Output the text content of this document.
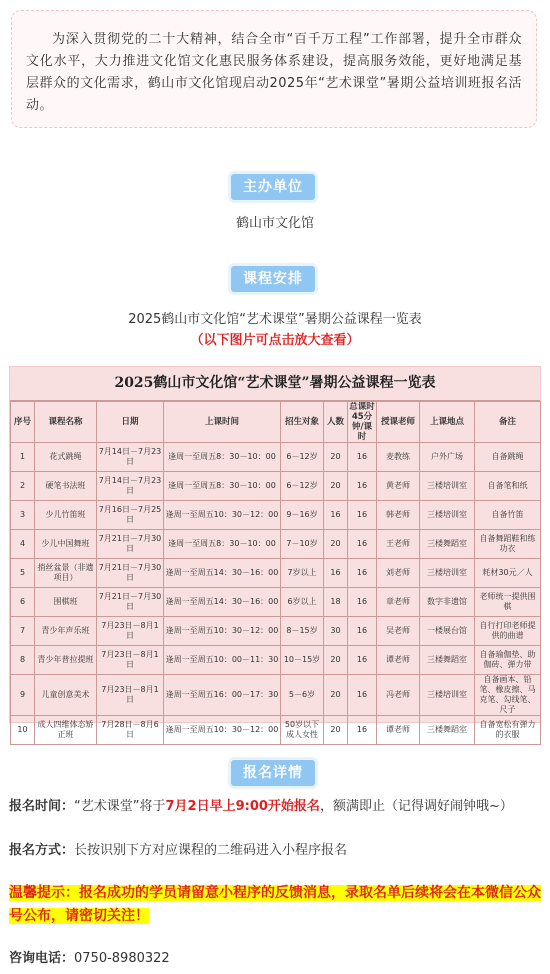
为深入贯彻党的二十大精神，结合全市“百千万工程”工作部署，提升全市群众文化水平，大力推进文化馆文化惠民服务体系建设，提高服务效能，更好地满足基层群众的文化需求，鹤山市文化馆现启动2025年“艺术课堂”暑期公益培训班报名活动。

主办单位
鹤山市文化馆
课程安排
2025鹤山市文化馆“艺术课堂”暑期公益课程一览表
（以下图片可点击放大查看）
2025鹤山市文化馆“艺术课堂”暑期公益课程一览表
序号	课程名称	日期	上课时间	招生对象	人数	总课时45分钟/课时	授课老师	上课地点	备注
1	花式跳绳	7月14日－7月23日	逢周一至周五8：30－10：00	6－12岁	20	16	麦教练	户外广场	自备跳绳
2	硬笔书法班	7月14日－7月23日	逢周一至周五8：30－10：00	6－12岁	20	16	黄老师	三楼培训室	自备笔和纸
3	少儿竹笛班	7月16日－7月25日	逢周一至周五10：30－12：00	9－16岁	16	16	韩老师	三楼培训室	自备竹笛
4	少儿中国舞班	7月21日－7月30日	逢周一至周五8：30－10：00	7－10岁	20	16	王老师	三楼舞蹈室	自备舞蹈鞋和练功衣
5	捎丝盆景（非遗项目）	7月21日－7月30日	逢周一至周五14：30－16：00	7岁以上	16	16	刘老师	三楼培训室	耗材30元／人
6	围棋班	7月21日－7月30日	逢周一至周五14：30－16：00	6岁以上	18	16	章老师	数字非遗馆	老师统一提供围棋
7	青少年声乐班	7月23日－8月1日	逢周一至周五10：30－12：00	8－15岁	30	16	吴老师	一楼展台馆	自行打印老师提供的曲谱
8	青少年普拉提班	7月23日－8月1日	逢周一至周五10：00－11：30	10－15岁	20	16	谭老师	三楼舞蹈室	自备瑜伽垫、助伽砖、弹力带
9	儿童创意美术	7月23日－8月1日	逢周一至周五16：00－17：30	5－6岁	20	16	冯老师	三楼培训室	自备画本、铅笔、橡皮擦、马克笔、勾线笔、尺子
10	成人四维体态矫正班	7月28日－8月6日	逢周一至周五10：30－12：00	50岁以下成人女性	20	16	谭老师	三楼舞蹈室	自备宽松有弹力的衣服
报名详情
报名时间：“艺术课堂”将于7月2日早上9:00开始报名，额满即止（记得调好闹钟哦~）
报名方式：长按识别下方对应课程的二维码进入小程序报名
温馨提示：报名成功的学员请留意小程序的反馈消息，录取名单后续将会在本微信公众号公布，请密切关注！
咨询电话：0750-8980322
